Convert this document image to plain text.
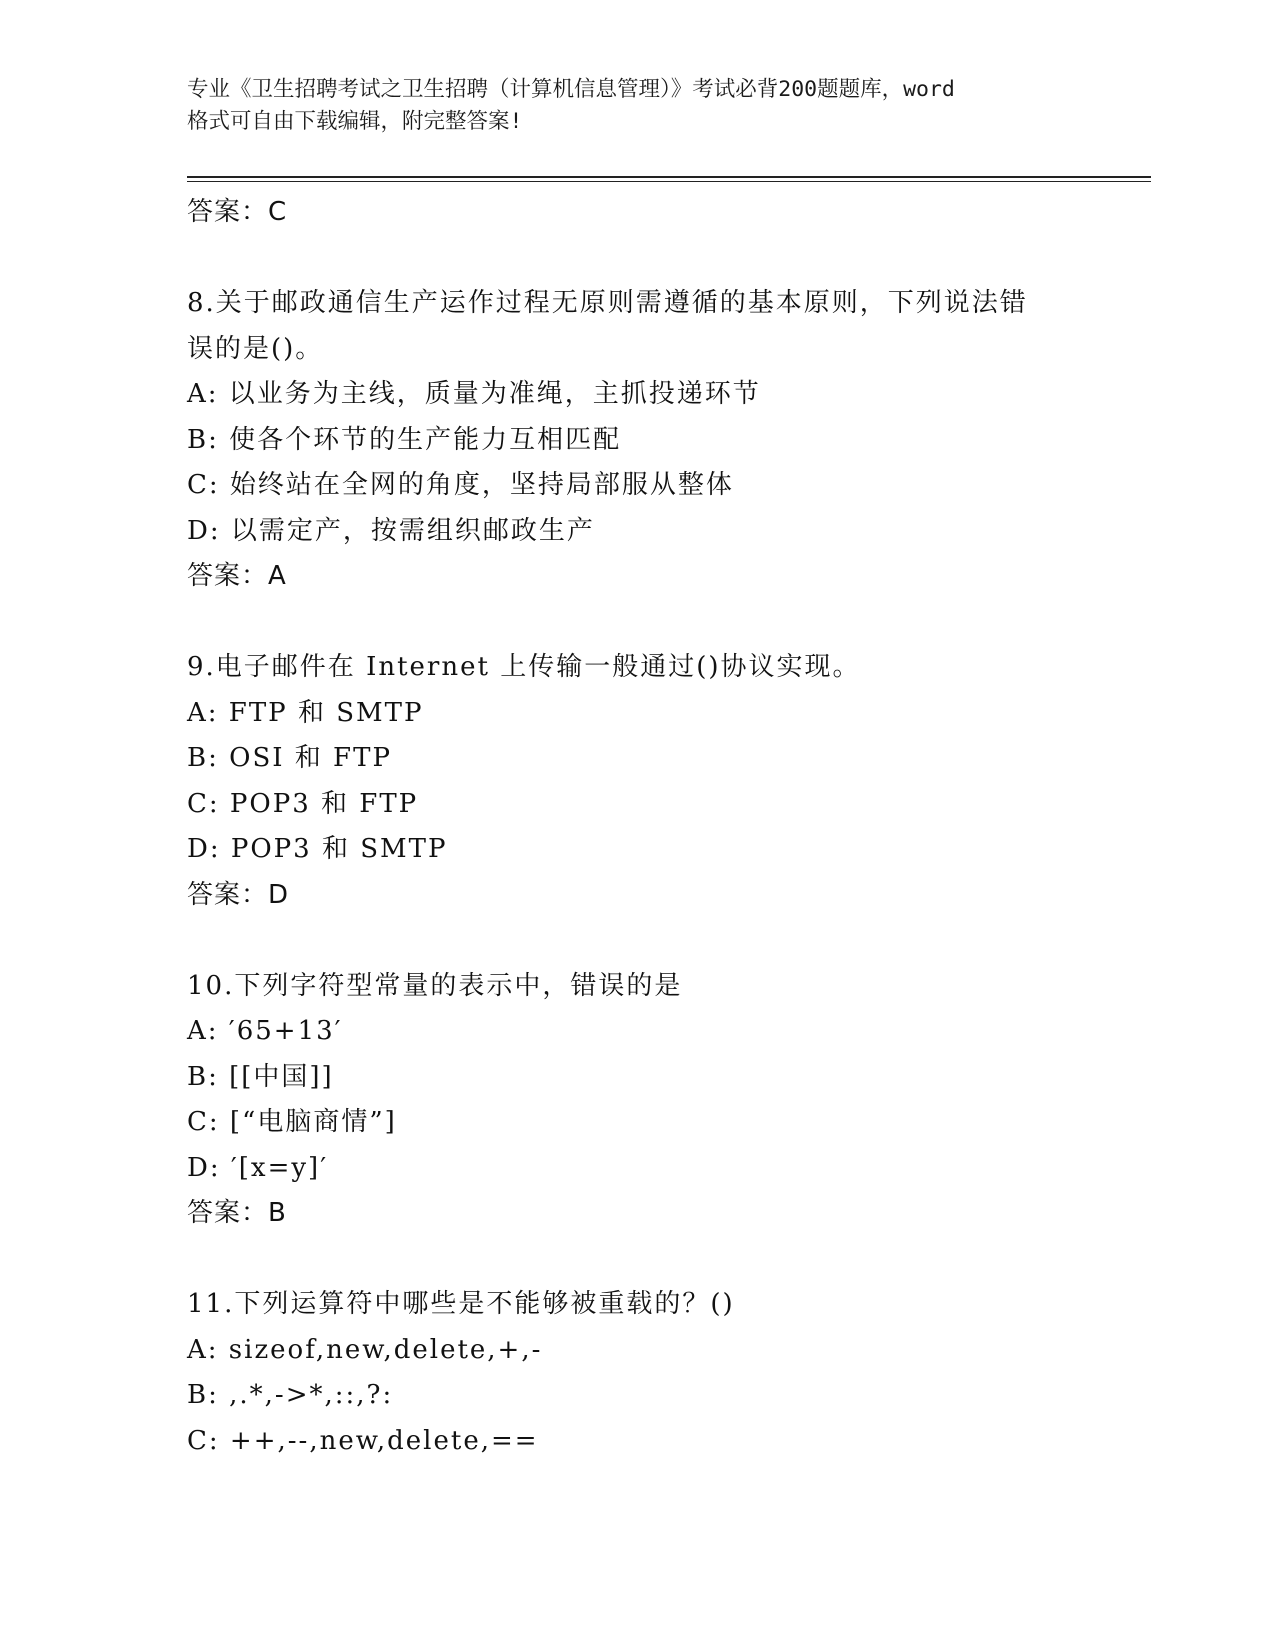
专业《卫生招聘考试之卫生招聘（计算机信息管理）》考试必背200题题库，word
格式可自由下载编辑，附完整答案!
答案：C
8.关于邮政通信生产运作过程无原则需遵循的基本原则，下列说法错
误的是()。
A: 以业务为主线，质量为准绳，主抓投递环节
B: 使各个环节的生产能力互相匹配
C: 始终站在全网的角度，坚持局部服从整体
D: 以需定产，按需组织邮政生产
答案：A
9.电子邮件在 Internet 上传输一般通过()协议实现。
A: FTP 和 SMTP
B: OSI 和 FTP
C: POP3 和 FTP
D: POP3 和 SMTP
答案：D
10.下列字符型常量的表示中，错误的是
A: ′65+13′
B: [[中国]]
C: [“电脑商情”]
D: ′[x=y]′
答案：B
11.下列运算符中哪些是不能够被重载的？()
A: sizeof,new,delete,+,-
B: ,.*,->*,::,?:
C: ++,--,new,delete,==
